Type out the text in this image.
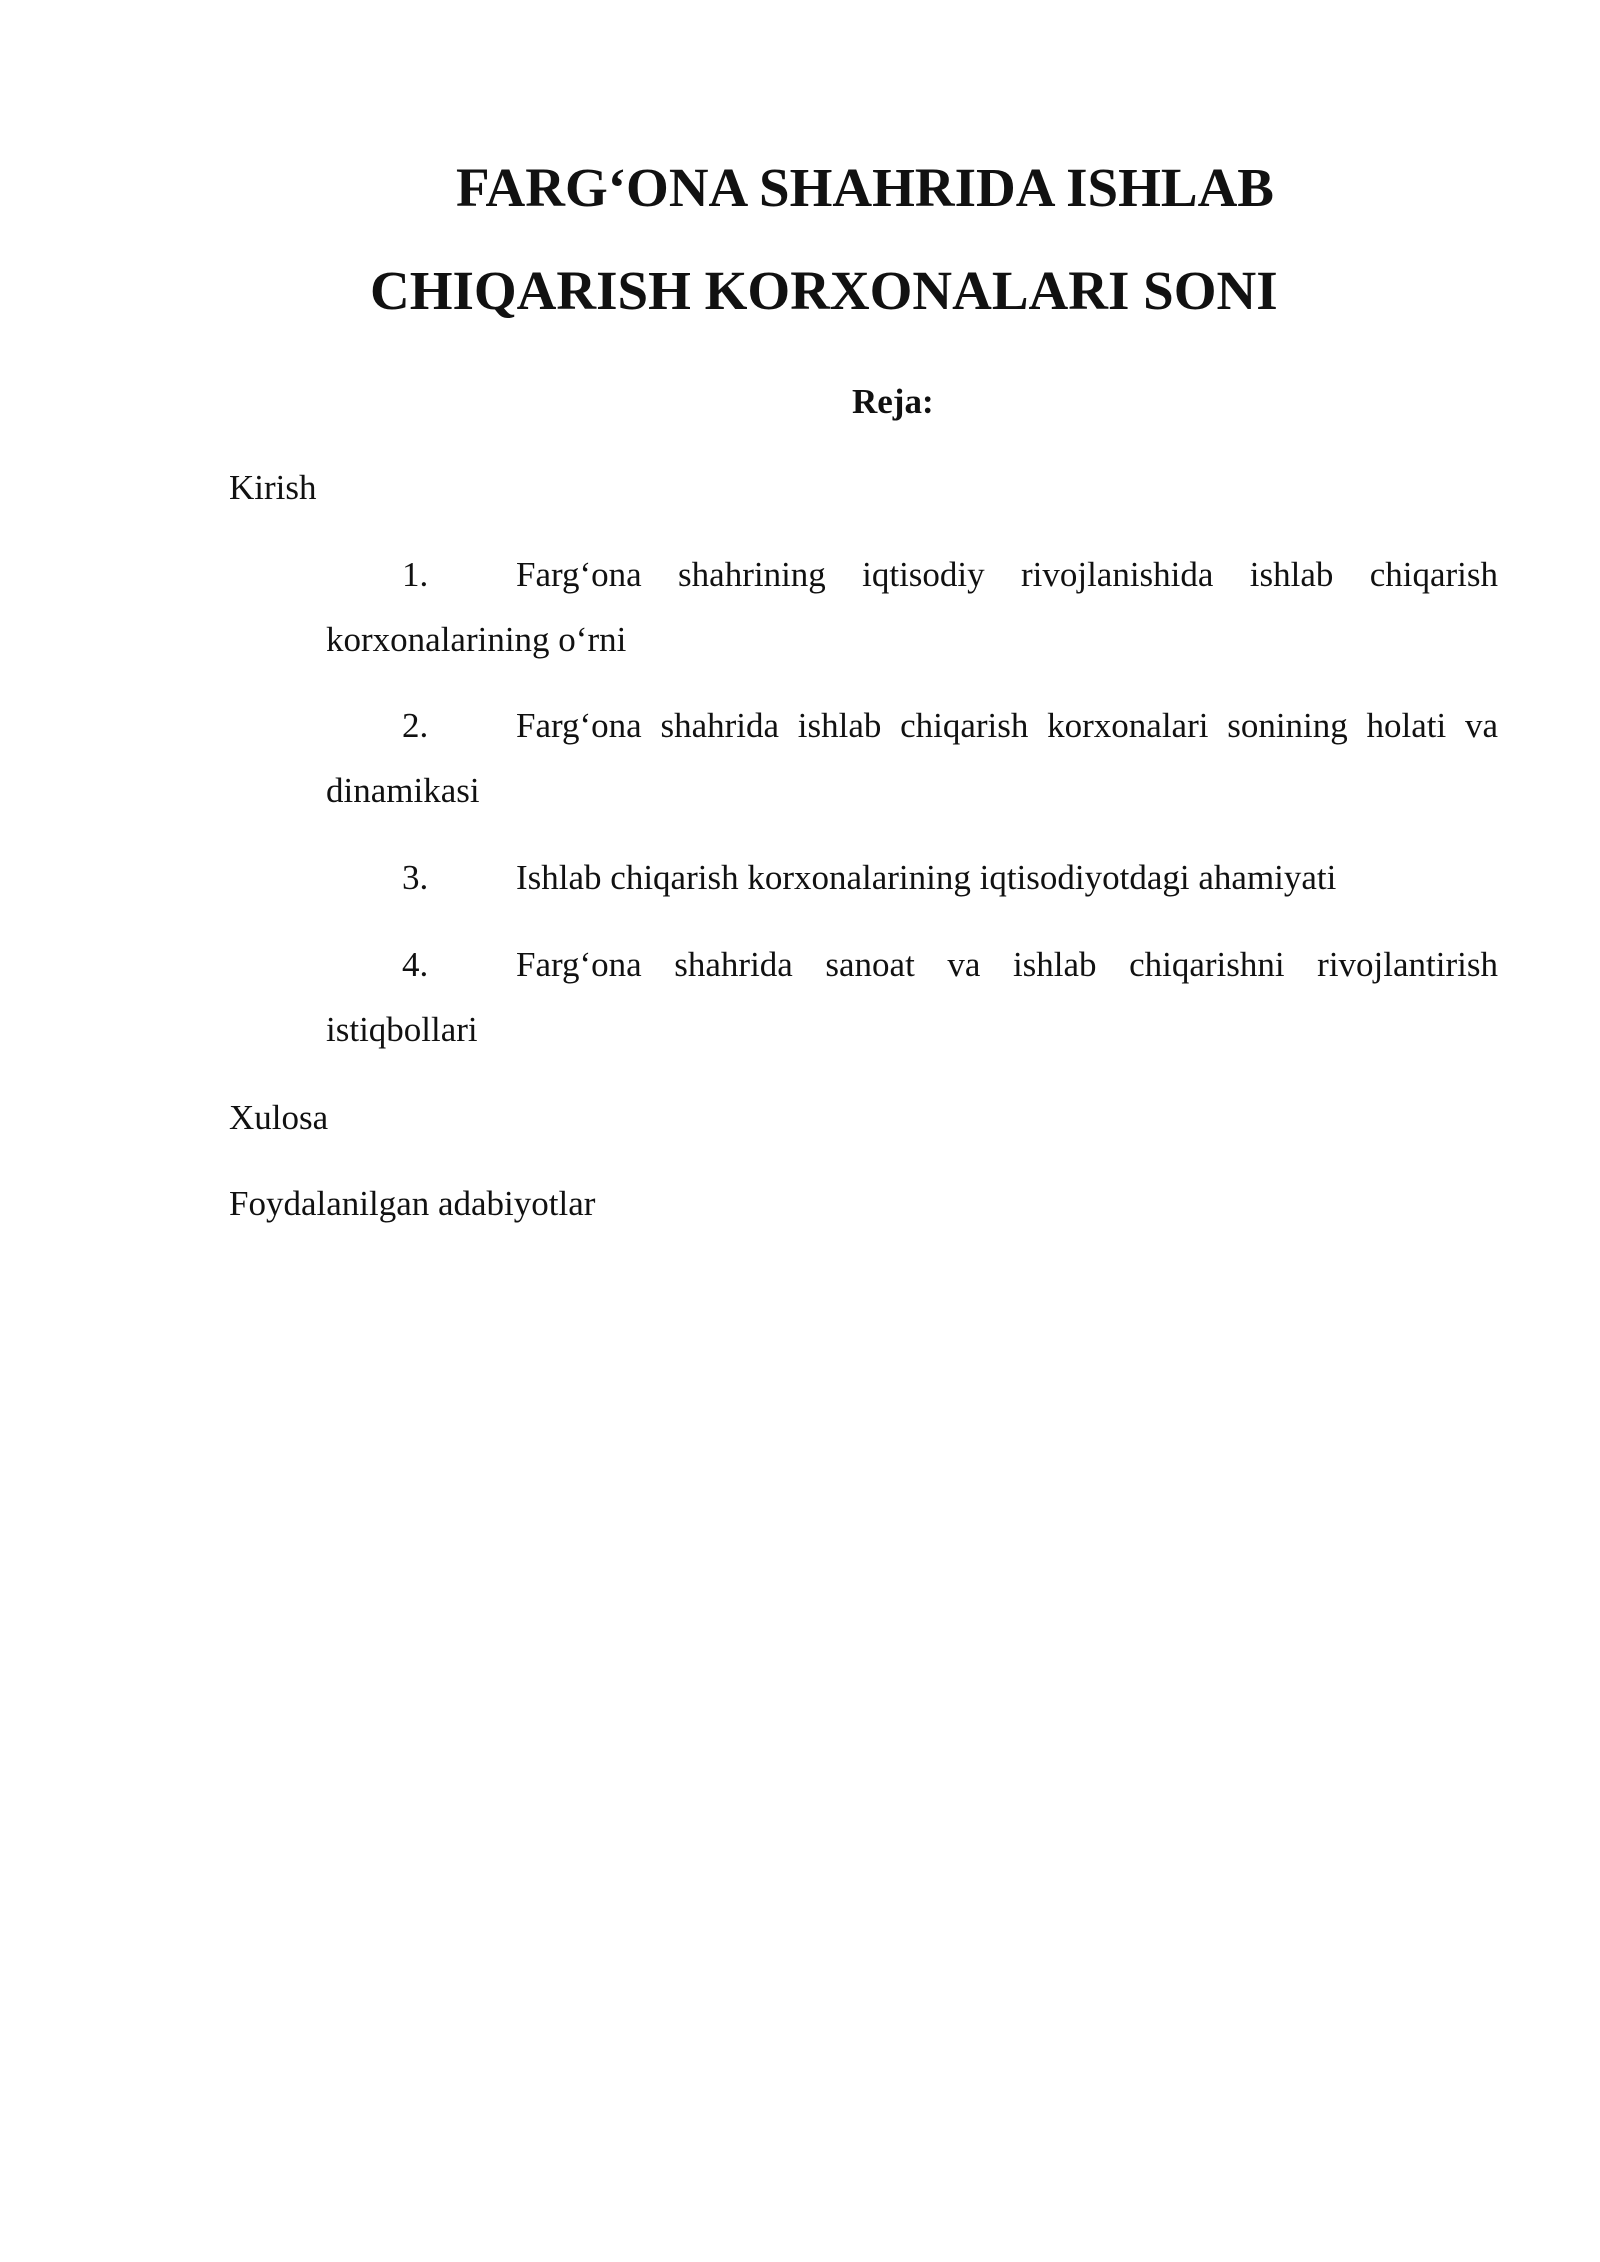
FARG‘ONA SHAHRIDA ISHLAB
CHIQARISH KORXONALARI SONI
Reja:
Kirish
1.	Farg‘ona shahrining iqtisodiy rivojlanishida ishlab chiqarish
korxonalarining o‘rni
2.	Farg‘ona shahrida ishlab chiqarish korxonalari sonining holati va
dinamikasi
3.	Ishlab chiqarish korxonalarining iqtisodiyotdagi ahamiyati
4.	Farg‘ona shahrida sanoat va ishlab chiqarishni rivojlantirish
istiqbollari
Xulosa
Foydalanilgan adabiyotlar
